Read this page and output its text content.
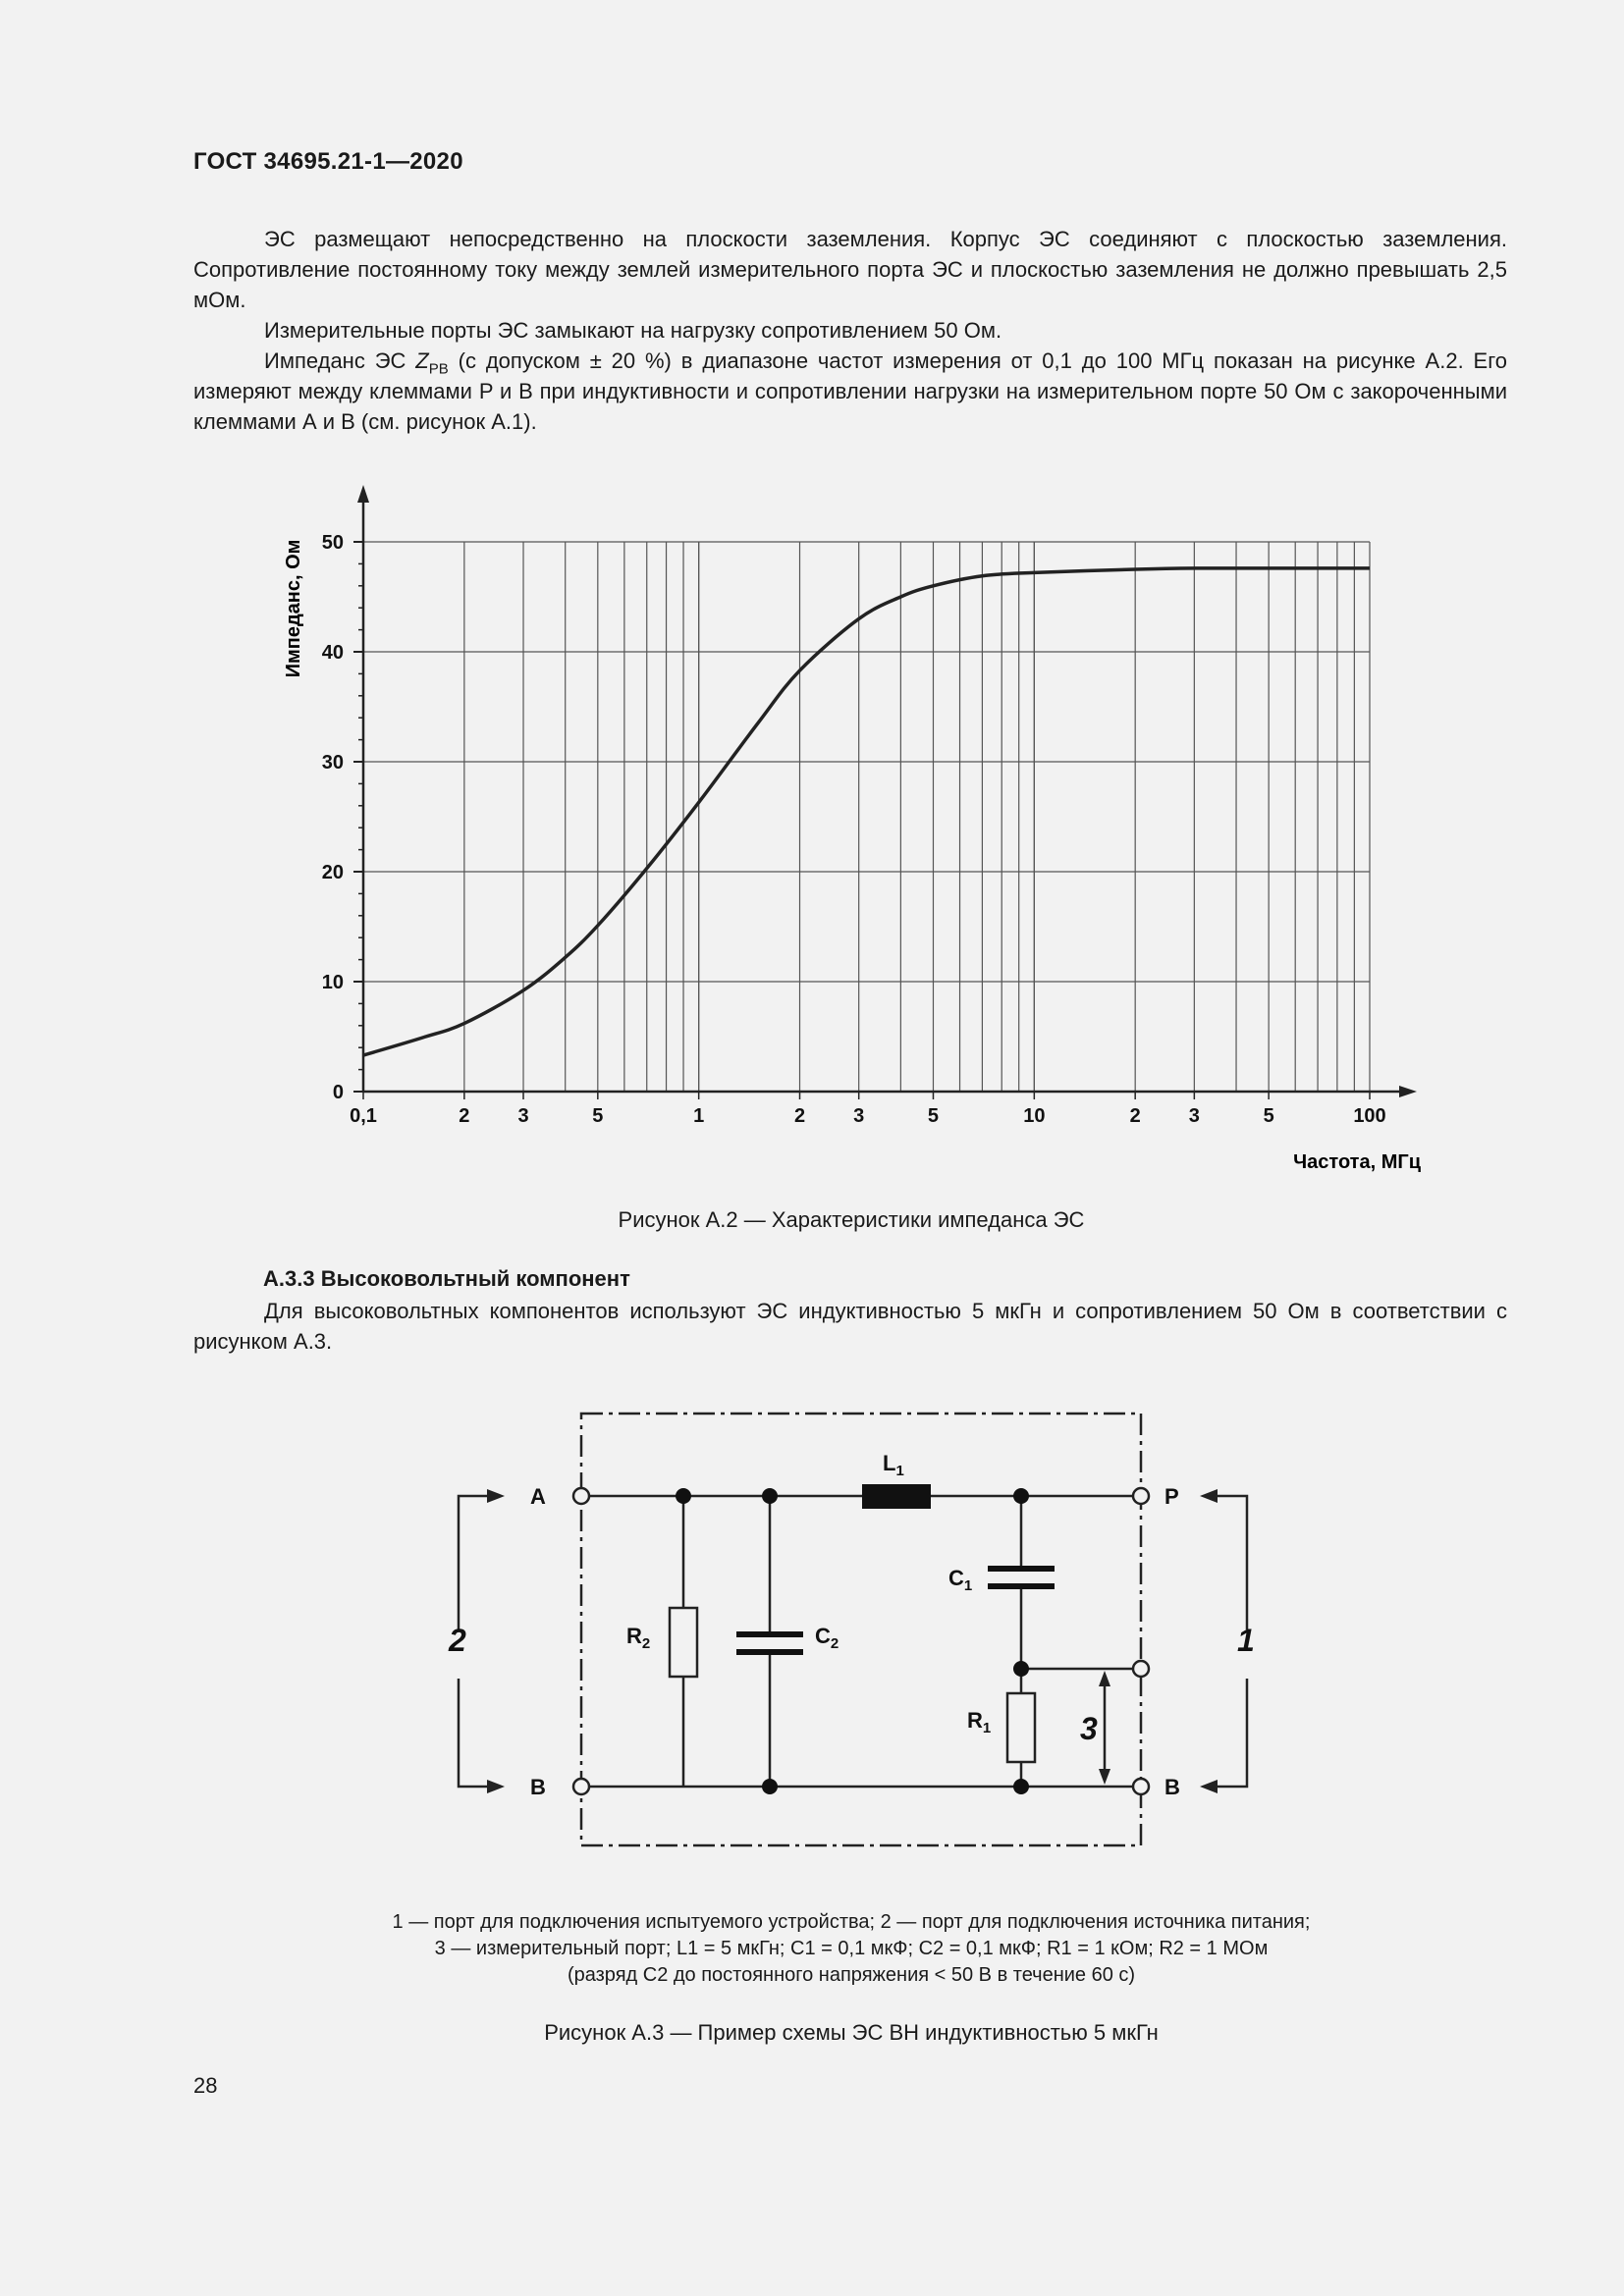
ГОСТ 34695.21-1—2020

ЭС размещают непосредственно на плоскости заземления. Корпус ЭС соединяют с плоскостью заземления. Сопротивление постоянному току между землей измерительного порта ЭС и плоскостью заземления не должно превышать 2,5 мОм.

Измерительные порты ЭС замыкают на нагрузку сопротивлением 50 Ом.

Импеданс ЭС $Z_{PB}$ (с допуском ± 20 %) в диапазоне частот измерения от 0,1 до 100 МГц показан на рисунке А.2. Его измеряют между клеммами P и B при индуктивности и сопротивлении нагрузки на измерительном порте 50 Ом с закороченными клеммами А и B (см. рисунок А.1).

0,1	2 3	5	1	2 3	5	10	2 3	5	100
0
10
20
30
40
50
Импеданс, Ом
Частота, МГц
Рисунок А.2 — Характеристики импеданса ЭС
А.3.3 Высоковольтный компонент

Для высоковольтных компонентов используют ЭС индуктивностью 5 мкГн и сопротивлением 50 Ом в соответствии с рисунком А.3.

A
B
P
B
$L_1$
$C_1$
$C_2$
$R_2$
$R_1$
2	1
3
1 — порт для подключения испытуемого устройства; 2 — порт для подключения источника питания;
3 — измерительный порт; L1 = 5 мкГн; C1 = 0,1 мкФ; C2 = 0,1 мкФ; R1 = 1 кОм; R2 = 1 МОм
(разряд C2 до постоянного напряжения < 50 В в течение 60 с)
Рисунок А.3 — Пример схемы ЭС ВН индуктивностью 5 мкГн
28
